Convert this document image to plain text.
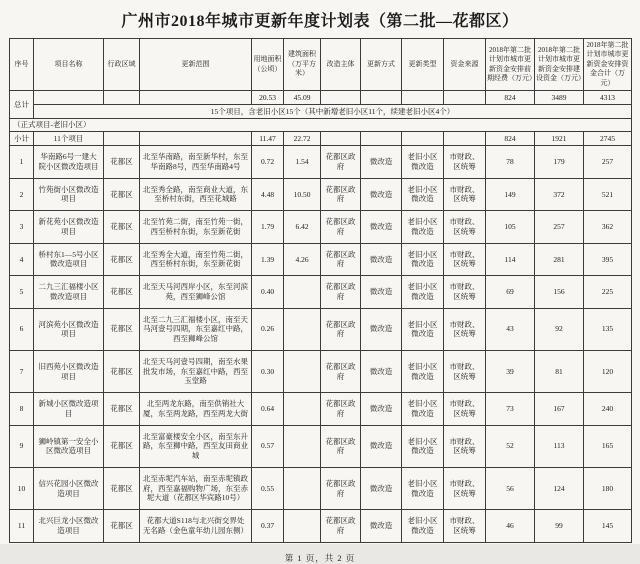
广州市2018年城市更新年度计划表（第二批—花都区）
序号	项目名称	行政区域	更新范围	用地面积（公顷）	建筑面积（万平方米）	改造主体	更新方式	更新类型	资金来源	2018年第二批计划市城市更新资金安排前期经费（万元）	2018年第二批计划市城市更新资金安排建设资金（万元）	2018年第二批计划市城市更新资金安排资金合计（万元）
总计				20.53	45.09					824	3489	4313
	15个项目，含老旧小区15个（其中新增老旧小区11个，续建老旧小区4个）											
（正式项目-老旧小区）												
小计	11个项目			11.47	22.72					824	1921	2745
1	华南路6号一建大院小区微改造项目	花都区	北至华南路，南至新华村，东至华南路8号，西至华南路4号	0.72	1.54	花都区政府	微改造	老旧小区微改造	市财政、区统筹	78	179	257
2	竹苑街小区微改造项目	花都区	北至秀全路，南至商业大道，东至桥村东街，西至花城路	4.48	10.50	花都区政府	微改造	老旧小区微改造	市财政、区统筹	149	372	521
3	新花苑小区微改造项目	花都区	北至竹苑二街，南至竹苑一街，西至桥村东街，东至新花街	1.79	6.42	花都区政府	微改造	老旧小区微改造	市财政、区统筹	105	257	362
4	桥村东1—5号小区微改造项目	花都区	北至秀全大道，南至竹苑二街，西至桥村东街，东至新花街	1.39	4.26	花都区政府	微改造	老旧小区微改造	市财政、区统筹	114	281	395
5	二九三汇福楼小区微改造项目	花都区	北至天马河西岸小区，东至河滨苑，西至狮峰公馆	0.40		花都区政府	微改造	老旧小区微改造	市财政、区统筹	69	156	225
6	河滨苑小区微改造项目	花都区	北至二九三汇福楼小区，南至天马河壹号四期，东至嘉红中路，西至狮峰公馆	0.26		花都区政府	微改造	老旧小区微改造	市财政、区统筹	43	92	135
7	旧西苑小区微改造项目	花都区	北至天马河壹号四期，南至水果批发市场，东至嘉红中路，西至玉堂路	0.30		花都区政府	微改造	老旧小区微改造	市财政、区统筹	39	81	120
8	新城小区微改造项目	花都区	北至两龙东路，南至供销社大厦，东至两龙路，西至两龙大街	0.64		花都区政府	微改造	老旧小区微改造	市财政、区统筹	73	167	240
9	狮岭镇第一安全小区微改造项目	花都区	北至富豪楼安全小区，南至东升路，东至狮中路，西至友田商业城	0.57		花都区政府	微改造	老旧小区微改造	市财政、区统筹	52	113	165
10	信兴花园小区微改造项目	花都区	北至赤坭汽车站，南至赤坭镇政府，西至嘉福购物广场，东至赤坭大道（花都区华宾路10号）	0.55		花都区政府	微改造	老旧小区微改造	市财政、区统筹	56	124	180
11	北兴巨龙小区微改造项目	花都区	花都大道S118与北兴街交界处无名路（金色童年幼儿园东侧）	0.37		花都区政府	微改造	老旧小区微改造	市财政、区统筹	46	99	145
第 1 页，共 2 页
